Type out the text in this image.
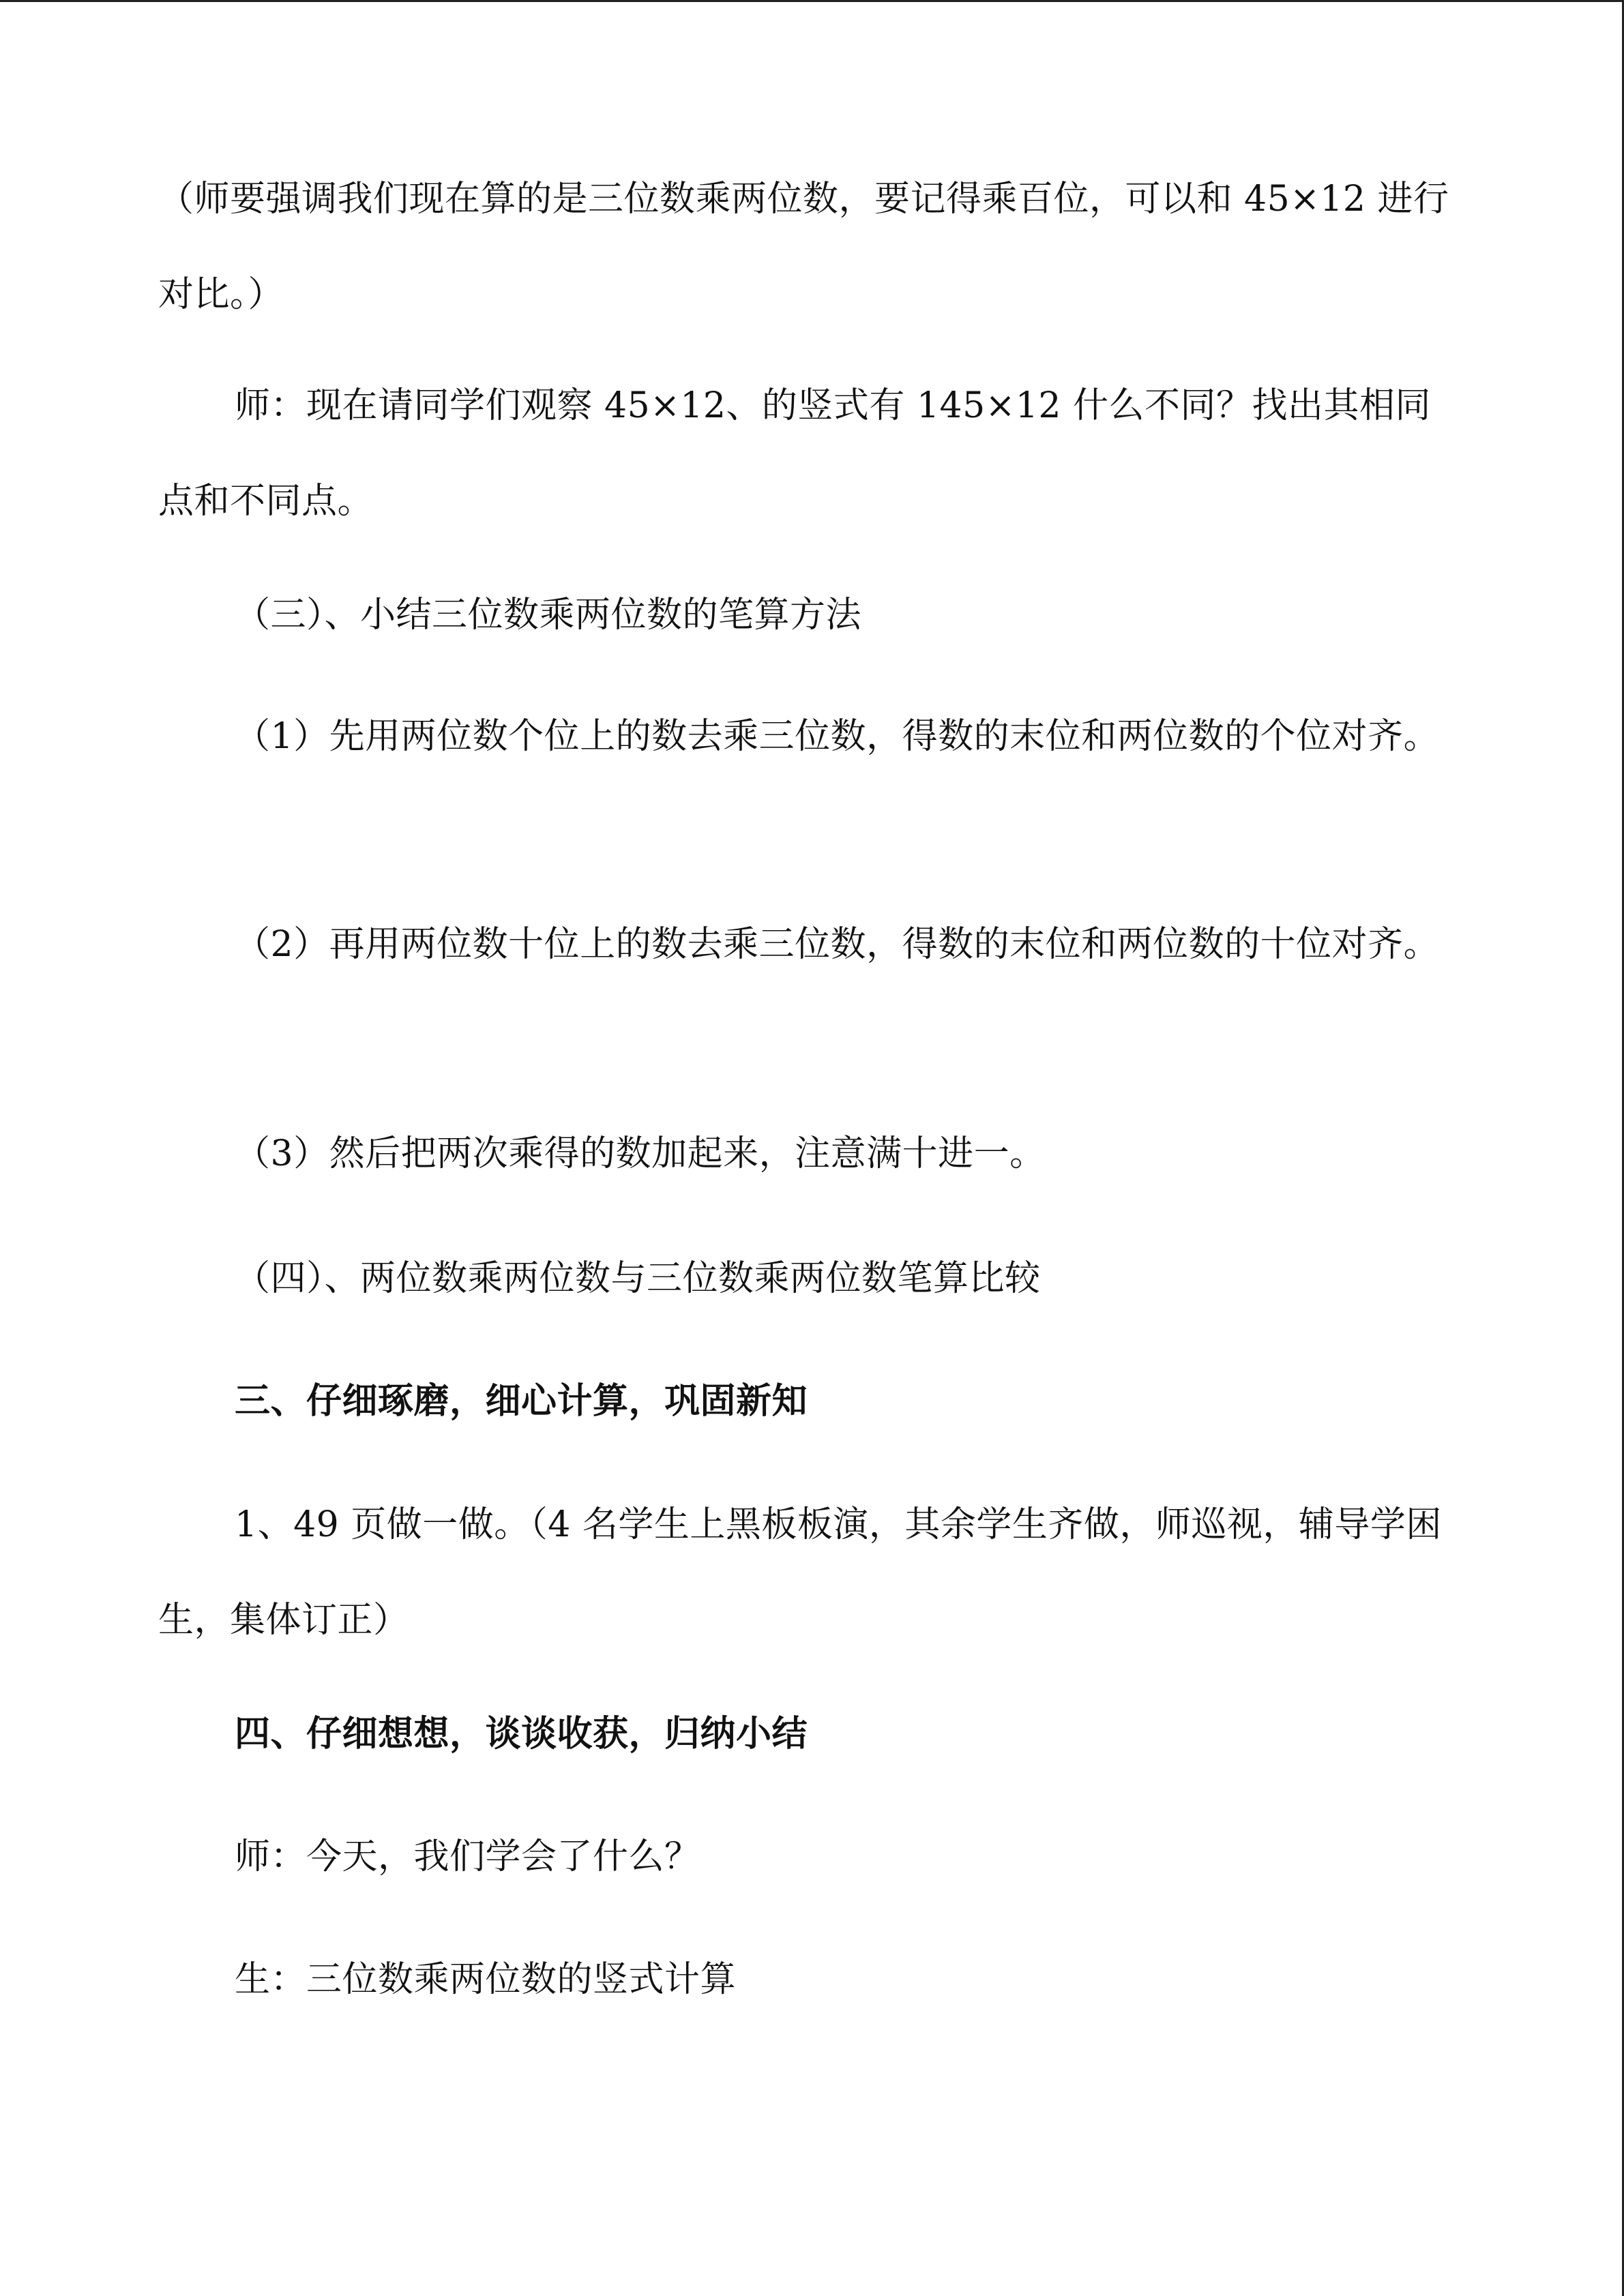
（师要强调我们现在算的是三位数乘两位数，要记得乘百位，可以和 45×12 进行对比。）
师：现在请同学们观察 45×12、的竖式有 145×12 什么不同？找出其相同点和不同点。
（三）、小结三位数乘两位数的笔算方法
（1）先用两位数个位上的数去乘三位数，得数的末位和两位数的个位对齐。
（2）再用两位数十位上的数去乘三位数，得数的末位和两位数的十位对齐。
（3）然后把两次乘得的数加起来，注意满十进一。
（四）、两位数乘两位数与三位数乘两位数笔算比较
三、仔细琢磨，细心计算，巩固新知
1、49 页做一做。（4 名学生上黑板板演，其余学生齐做，师巡视，辅导学困生，集体订正）
四、仔细想想，谈谈收获，归纳小结
师：今天，我们学会了什么？
生：三位数乘两位数的竖式计算
